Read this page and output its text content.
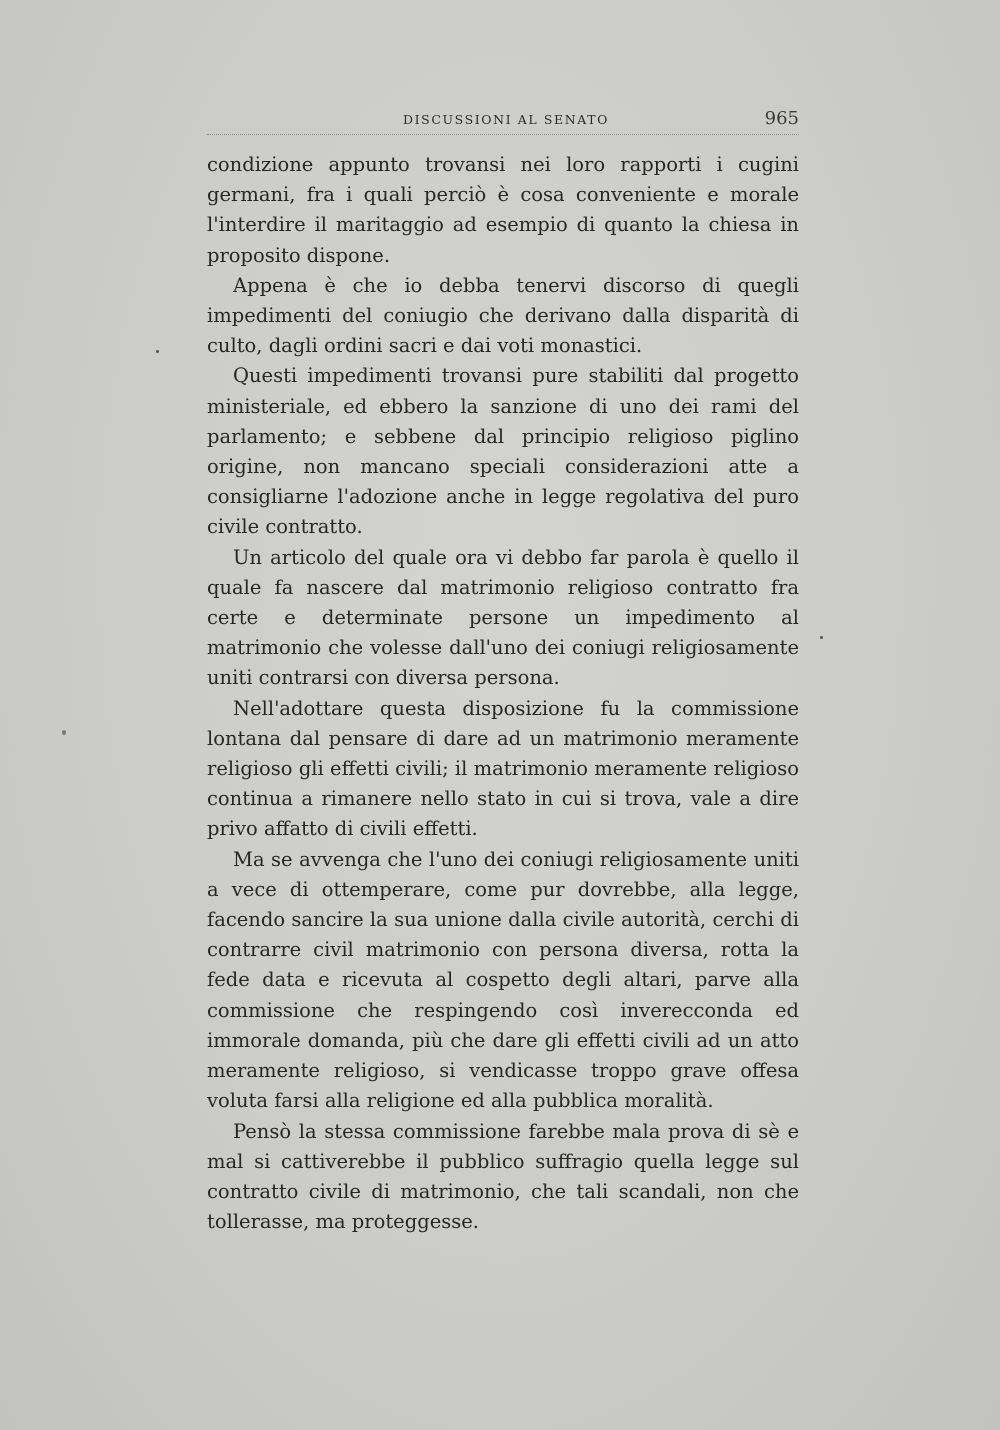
DISCUSSIONI AL SENATO	965

condizione appunto trovansi nei loro rapporti i cugini germani, fra i quali perciò è cosa conveniente e morale l'interdire il maritaggio ad esempio di quanto la chiesa in proposito dispone.

Appena è che io debba tenervi discorso di quegli impedimenti del coniugio che derivano dalla disparità di culto, dagli ordini sacri e dai voti monastici.

Questi impedimenti trovansi pure stabiliti dal progetto ministeriale, ed ebbero la sanzione di uno dei rami del parlamento; e sebbene dal principio religioso piglino origine, non mancano speciali considerazioni atte a consigliarne l'adozione anche in legge regolativa del puro civile contratto.

Un articolo del quale ora vi debbo far parola è quello il quale fa nascere dal matrimonio religioso contratto fra certe e determinate persone un impedimento al matrimonio che volesse dall'uno dei coniugi religiosamente uniti contrarsi con diversa persona.

Nell'adottare questa disposizione fu la commissione lontana dal pensare di dare ad un matrimonio meramente religioso gli effetti civili; il matrimonio meramente religioso continua a rimanere nello stato in cui si trova, vale a dire privo affatto di civili effetti.

Ma se avvenga che l'uno dei coniugi religiosamente uniti a vece di ottemperare, come pur dovrebbe, alla legge, facendo sancire la sua unione dalla civile autorità, cerchi di contrarre civil matrimonio con persona diversa, rotta la fede data e ricevuta al cospetto degli altari, parve alla commissione che respingendo così inverecconda ed immorale domanda, più che dare gli effetti civili ad un atto meramente religioso, si vendicasse troppo grave offesa voluta farsi alla religione ed alla pubblica moralità.

Pensò la stessa commissione farebbe mala prova di sè e mal si cattiverebbe il pubblico suffragio quella legge sul contratto civile di matrimonio, che tali scandali, non che tollerasse, ma proteggesse.
